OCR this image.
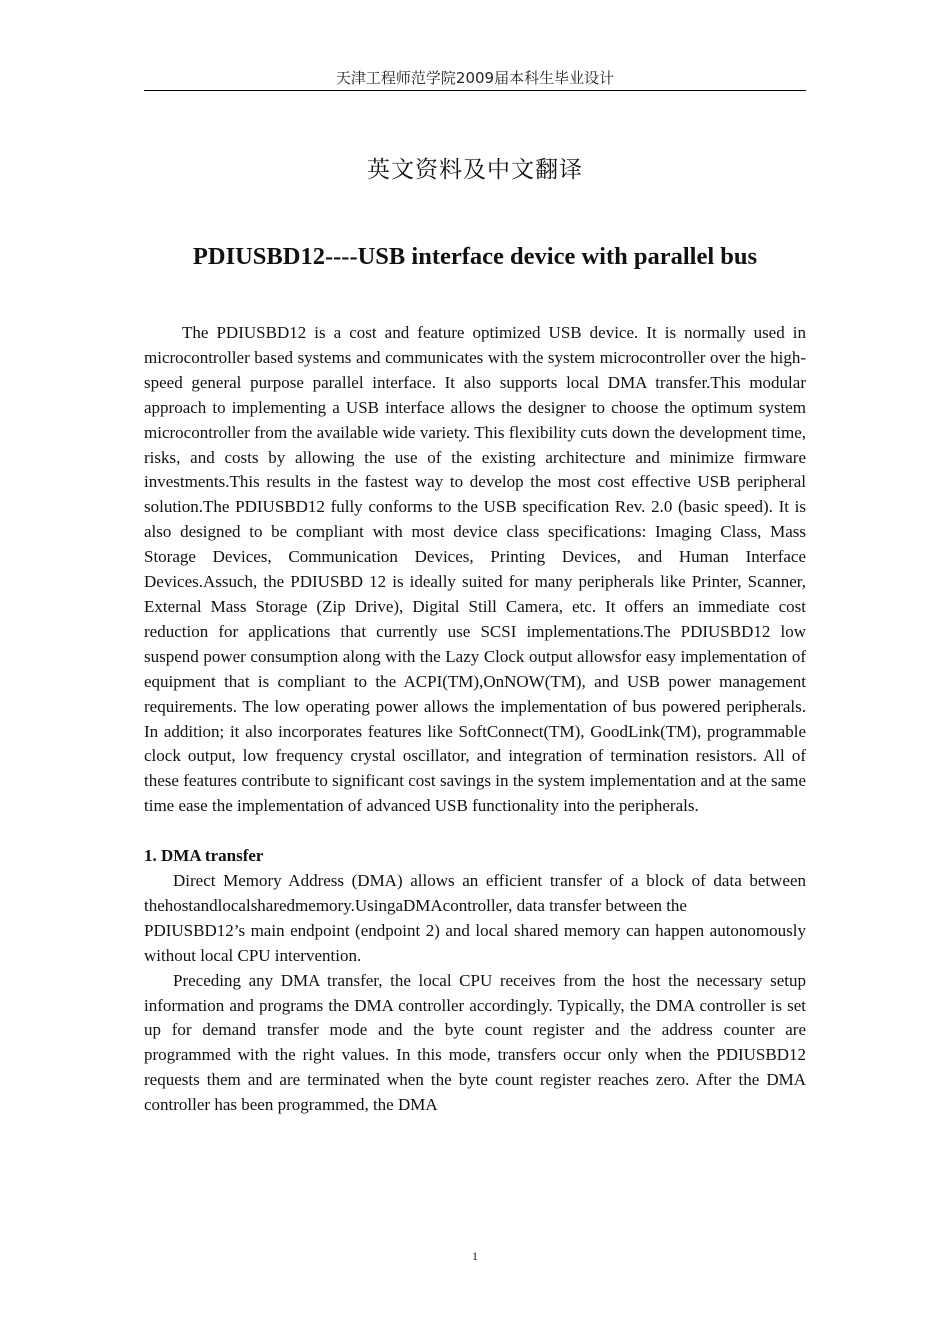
天津工程师范学院2009届本科生毕业设计
英文资料及中文翻译
PDIUSBD12----USB interface device with parallel bus

The PDIUSBD12 is a cost and feature optimized USB device. It is normally used in microcontroller based systems and communicates with the system microcontroller over the high-speed general purpose parallel interface. It also supports local DMA transfer.This modular approach to implementing a USB interface allows the designer to choose the optimum system microcontroller from the available wide variety. This flexibility cuts down the development time, risks, and costs by allowing the use of the existing architecture and minimize firmware investments.This results in the fastest way to develop the most cost effective USB peripheral solution.The PDIUSBD12 fully conforms to the USB specification Rev. 2.0 (basic speed). It is also designed to be compliant with most device class specifications: Imaging Class, Mass Storage Devices, Communication Devices, Printing Devices, and Human Interface Devices.Assuch, the PDIUSBD 12 is ideally suited for many peripherals like Printer, Scanner, External Mass Storage (Zip Drive), Digital Still Camera, etc. It offers an immediate cost reduction for applications that currently use SCSI implementations.The PDIUSBD12 low suspend power consumption along with the Lazy Clock output allowsfor easy implementation of equipment that is compliant to the ACPI(TM),OnNOW(TM), and USB power management requirements. The low operating power allows the implementation of bus powered peripherals. In addition; it also incorporates features like SoftConnect(TM), GoodLink(TM), programmable clock output, low frequency crystal oscillator, and integration of termination resistors. All of these features contribute to significant cost savings in the system implementation and at the same time ease the implementation of advanced USB functionality into the peripherals.

1. DMA transfer

Direct Memory Address (DMA) allows an efficient transfer of a block of data between thehostandlocalsharedmemory.UsingaDMAcontroller, data transfer between the

PDIUSBD12’s main endpoint (endpoint 2) and local shared memory can happen autonomously without local CPU intervention.

Preceding any DMA transfer, the local CPU receives from the host the necessary setup information and programs the DMA controller accordingly. Typically, the DMA controller is set up for demand transfer mode and the byte count register and the address counter are programmed with the right values. In this mode, transfers occur only when the PDIUSBD12 requests them and are terminated when the byte count register reaches zero. After the DMA controller has been programmed, the DMA

1
